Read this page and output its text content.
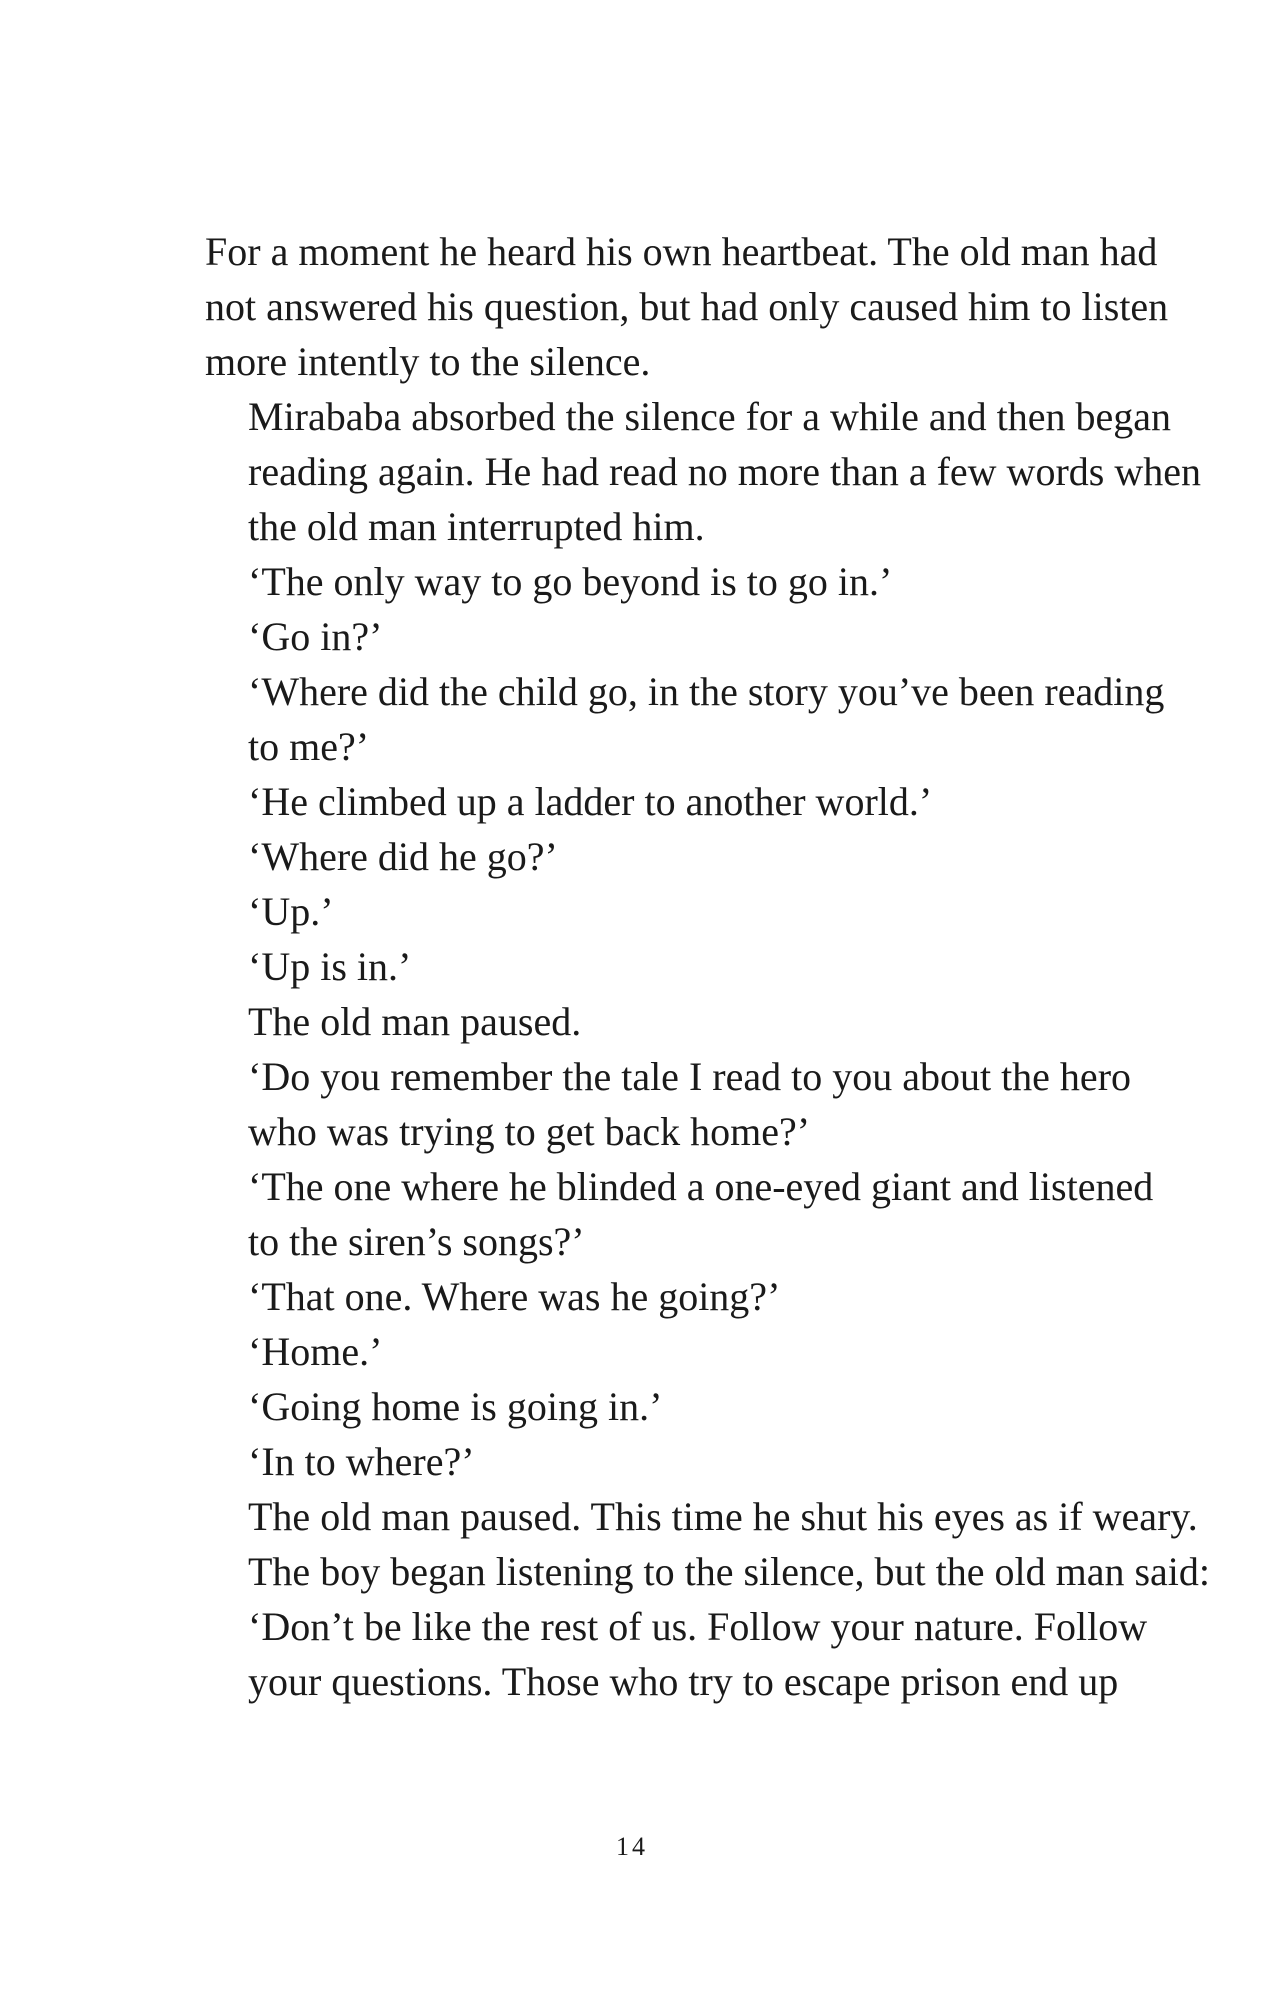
For a moment he heard his own heartbeat. The old man had
not answered his question, but had only caused him to listen
more intently to the silence.

Mirababa absorbed the silence for a while and then began
reading again. He had read no more than a few words when
the old man interrupted him.

‘The only way to go beyond is to go in.’

‘Go in?’

‘Where did the child go, in the story you’ve been reading
to me?’

‘He climbed up a ladder to another world.’

‘Where did he go?’

‘Up.’

‘Up is in.’

The old man paused.

‘Do you remember the tale I read to you about the hero
who was trying to get back home?’

‘The one where he blinded a one-eyed giant and listened
to the siren’s songs?’

‘That one. Where was he going?’

‘Home.’

‘Going home is going in.’

‘In to where?’

The old man paused. This time he shut his eyes as if weary.
The boy began listening to the silence, but the old man said:

‘Don’t be like the rest of us. Follow your nature. Follow
your questions. Those who try to escape prison end up

14
